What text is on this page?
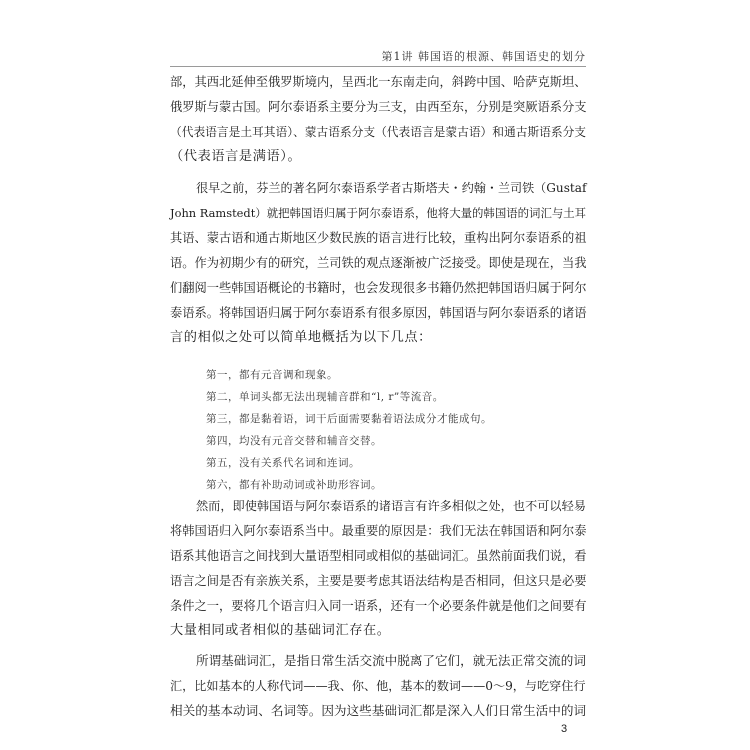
第1讲 韩国语的根源、韩国语史的划分
部，其西北延伸至俄罗斯境内，呈西北一东南走向，斜跨中国、哈萨克斯坦、
俄罗斯与蒙古国。阿尔泰语系主要分为三支，由西至东，分别是突厥语系分支
（代表语言是土耳其语）、蒙古语系分支（代表语言是蒙古语）和通古斯语系分支
（代表语言是满语）。
很早之前，芬兰的著名阿尔泰语系学者古斯塔夫・约翰・兰司铁（Gustaf
John Ramstedt）就把韩国语归属于阿尔泰语系，他将大量的韩国语的词汇与土耳
其语、蒙古语和通古斯地区少数民族的语言进行比较，重构出阿尔泰语系的祖
语。作为初期少有的研究，兰司铁的观点逐渐被广泛接受。即使是现在，当我
们翻阅一些韩国语概论的书籍时，也会发现很多书籍仍然把韩国语归属于阿尔
泰语系。将韩国语归属于阿尔泰语系有很多原因，韩国语与阿尔泰语系的诸语
言的相似之处可以简单地概括为以下几点：
第一，都有元音调和现象。
第二，单词头都无法出现辅音群和“l, r”等流音。
第三，都是黏着语，词干后面需要黏着语法成分才能成句。
第四，均没有元音交替和辅音交替。
第五，没有关系代名词和连词。
第六，都有补助动词或补助形容词。
然而，即使韩国语与阿尔泰语系的诸语言有许多相似之处，也不可以轻易
将韩国语归入阿尔泰语系当中。最重要的原因是：我们无法在韩国语和阿尔泰
语系其他语言之间找到大量语型相同或相似的基础词汇。虽然前面我们说，看
语言之间是否有亲族关系，主要是要考虑其语法结构是否相同，但这只是必要
条件之一，要将几个语言归入同一语系，还有一个必要条件就是他们之间要有
大量相同或者相似的基础词汇存在。
所谓基础词汇，是指日常生活交流中脱离了它们，就无法正常交流的词
汇，比如基本的人称代词——我、你、他，基本的数词——0～9，与吃穿住行
相关的基本动词、名词等。因为这些基础词汇都是深入人们日常生活中的词
3
